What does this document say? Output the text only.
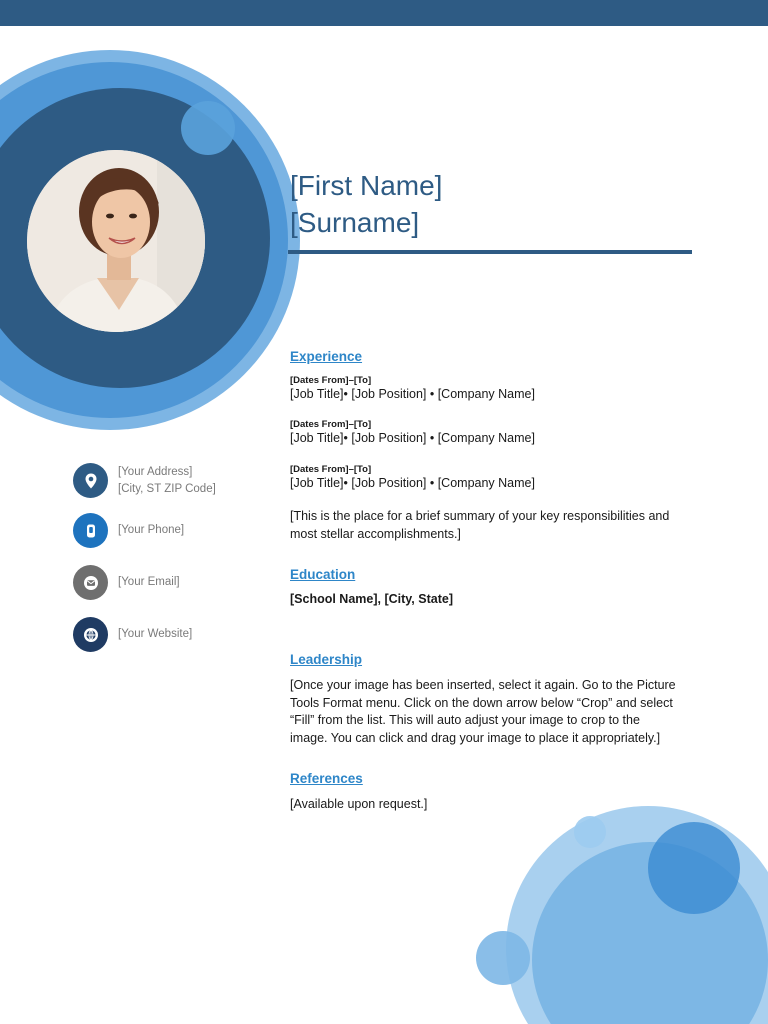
[First Name]
[Surname]
[Your Address]
[City, ST ZIP Code]
[Your Phone]
[Your Email]
[Your Website]
Experience
[Dates From]–[To]
[Job Title]• [Job Position] • [Company Name]
[Dates From]–[To]
[Job Title]• [Job Position] • [Company Name]
[Dates From]–[To]
[Job Title]• [Job Position] • [Company Name]
[This is the place for a brief summary of your key responsibilities and
most stellar accomplishments.]
Education
[School Name], [City, State]
Leadership
[Once your image has been inserted, select it again. Go to the Picture
Tools Format menu. Click on the down arrow below “Crop” and select
“Fill” from the list. This will auto adjust your image to crop to the
image. You can click and drag your image to place it appropriately.]
References
[Available upon request.]
